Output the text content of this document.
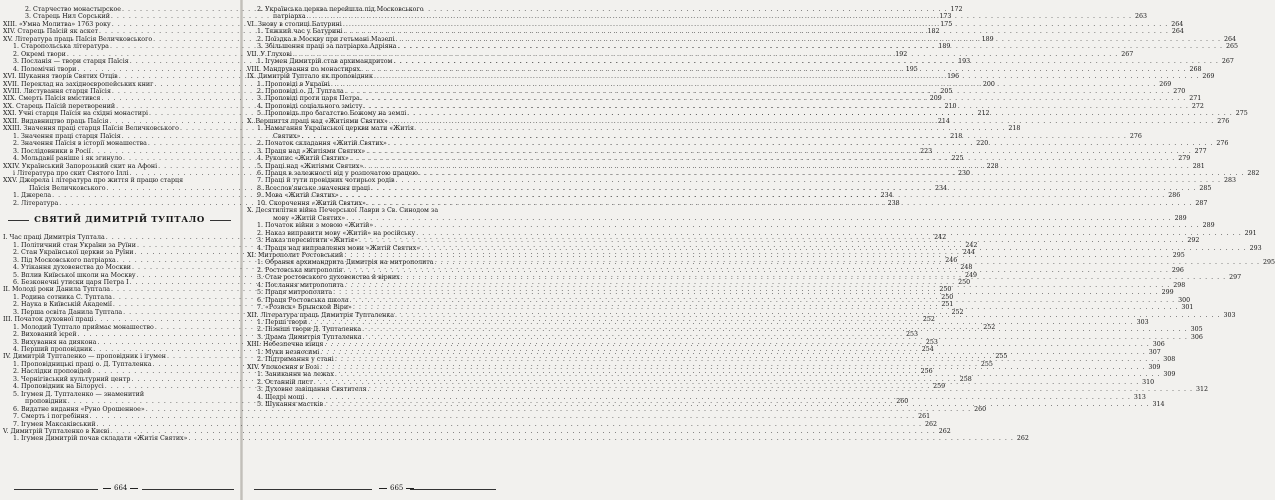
2. Старчество монастырское . . .	172
3. Старець Нил Сорський . . .	173
ХІІІ. «Умна Молитва» 1763 року . . .	175
XIV. Старець Паїсій як аскет . . .	182
XV. Література праць Паїсія Величковського . . .	189
1. Старопольська література . . .	189
2. Окремі твори . . .	192
3. Посланія — твори старця Паїсія . . .	193
4. Полемічні твори . . .	195
XVI. Шукання творів Святих Отців . . .	196
XVII. Переклад на західноєвропейських книг . . .	200
XVIII. Листування старця Паїсія . . .	205
XIX. Смерть Паїсія вмістився . . .	209
XX. Старець Паїсій перетворений . . .	210
XXI. Учні старця Паїсія на східні монастирі . . .	212
XXII. Видавництво праць Паїсія . . .	214
XXIII. Значення праці старця Паїсія Величковського . . .	218
1. Значення праці старця Паїсія . . .	218
2. Значення Паїсія в історії монашества . . .	220
3. Послідовники в Росії . . .	223
4. Мольдавії раніше і як згинуло . . .	225
XXIV. Український Запорозький скит на Афоні . . .	228
і Література про скит Святого Іллі . . .	230
XXV. Джерела і література про життя й працю старця
Паїсія Величковського . . .	234
1. Джерела . . .	234
2. Література . . .	238
СВЯТИЙ ДИМИТРІЙ ТУПТАЛО
І. Час праці Димитрія Туптала . . .	242
1. Політичний стан України за Руїни . . .	242
2. Стан Української церкви за Руїни . . .	244
3. Під Московського патріарха . . .	246
4. Утікання духовенства до Москви . . .	248
5. Вплив Київської школи на Москву . . .	249
6. Безконечні утиски царя Петра І . . .	250
ІІ. Молоді роки Данила Туптала . . .	250
1. Родина сотника С. Туптала . . .	250
2. Наука в Київській Академії . . .	251
3. Перша освіта Данила Туптала . . .	252
ІІІ. Початок духовної праці . . .	252
1. Молодий Туптало приймає монашество . . .	252
2. Вихований ієрей . . .	253
3. Вихування на диякона . . .	253
4. Перший проповідник . . .	254
IV. Димитрій Тупталенко — проповідник і ігумен . . .	255
1. Проповідницькі праці о. Д. Тупталенка . . .	255
2. Наслідки проповідей . . .	256
3. Чернігівський культурний центр . . .	258
4. Проповідник на Білорусі . . .	259
5. Ігумен Д. Тупталенко — знаменитий
проповідник . . .	260
6. Видатне видання «Руно Орошенное» . . .	260
7. Смерть і погребіння . . .	261
7. Ігумен Максаківський . . .	262
V. Димитрій Тупталенко в Києві . . .	262
1. Ігумен Димитрій почав складати «Житія Святих» . . .	262
2. Українська церква перейшла під Московського
патріарха . . .	263
VI. Знову в столиці Батурині . . .	264
1. Тяжкий час у Батурині . . .	264
2. Поїздка в Москву при гетьмані Мазепі . . .	264
3. Збільшення праці за патріарха Адріяна . . .	265
VII. У Глухові . . .	267
1. Ігумен Димитрій став архимандритом . . .	267
VIII. Мандрування по монастирях . . .	268
IX. Димитрій Туптало як проповідник . . .	269
1. Проповіді в Україні . . .	269
2. Проповіді о. Д. Туптала . . .	270
3. Проповіді проти царя Петра . . .	271
4. Проповіді соціального змісту . . .	272
5. Проповідь про багатство Божому на землі . . .	275
X. Вершиття праці над «Житіями Святих» . . .	276
1. Намагання Української церкви мати «Житія
Святих» . . .	276
2. Початок складання «Житій Святих» . . .	276
3. Праця над «Житіями Святих» . . .	277
4. Рукопис «Житій Святих» . . .	279
5. Праці над «Житіями Святих» . . .	281
6. Праця в залежності від у розпочатою працею . . .	282
7. Праці й тути провідних чотирьох родів . . .	283
8. Всеслов'янське значення праці . . .	285
9. Мова «Житій Святих» . . .	286
10. Скорочення «Житій Святих» . . .	287
X. Десятилітня війна Печерської Лаври з Св. Синодом за
мову «Житій Святих» . . .	289
1. Початок війни з мовою «Житій» . . .	289
2. Наказ виправити мову «Житій» на російську . . .	291
3. Наказ пересвітити «Житія» . . .	292
4. Праця над виправлення мови «Житій Святих» . . .	293
XI. Митрополит Ростовський . . .	295
1. Обрання архимандрита Димитрія на митрополита . . .	295
2. Ростовська митрополія . . .	296
3. Стан ростовського духовенства й вірних . . .	297
4. Послання митрополита . . .	298
5. Праця митрополита . . .	299
6. Праця Ростовська школа . . .	300
7. «Розиск» Брынской Віри» . . .	301
XII. Література праць Димитрія Тупталенка . . .	303
1. Перші твори . . .	303
2. Пізніші твори Д. Тупталенка . . .	305
3. Драма Димитрія Тупталенка . . .	306
XIII. Небезпечна кінця . . .	306
1. Муки незносимі . . .	307
2. Підтримання у стані . . .	308
XIV. Упокоєння в Бозі . . .	309
1. Заникання на лежах . . .	309
2. Останній лист . . .	310
3. Духовне завіщання Святителя . . .	312
4. Щедрі мощі . . .	313
5. Шукання мастків . . .	314
664	665
